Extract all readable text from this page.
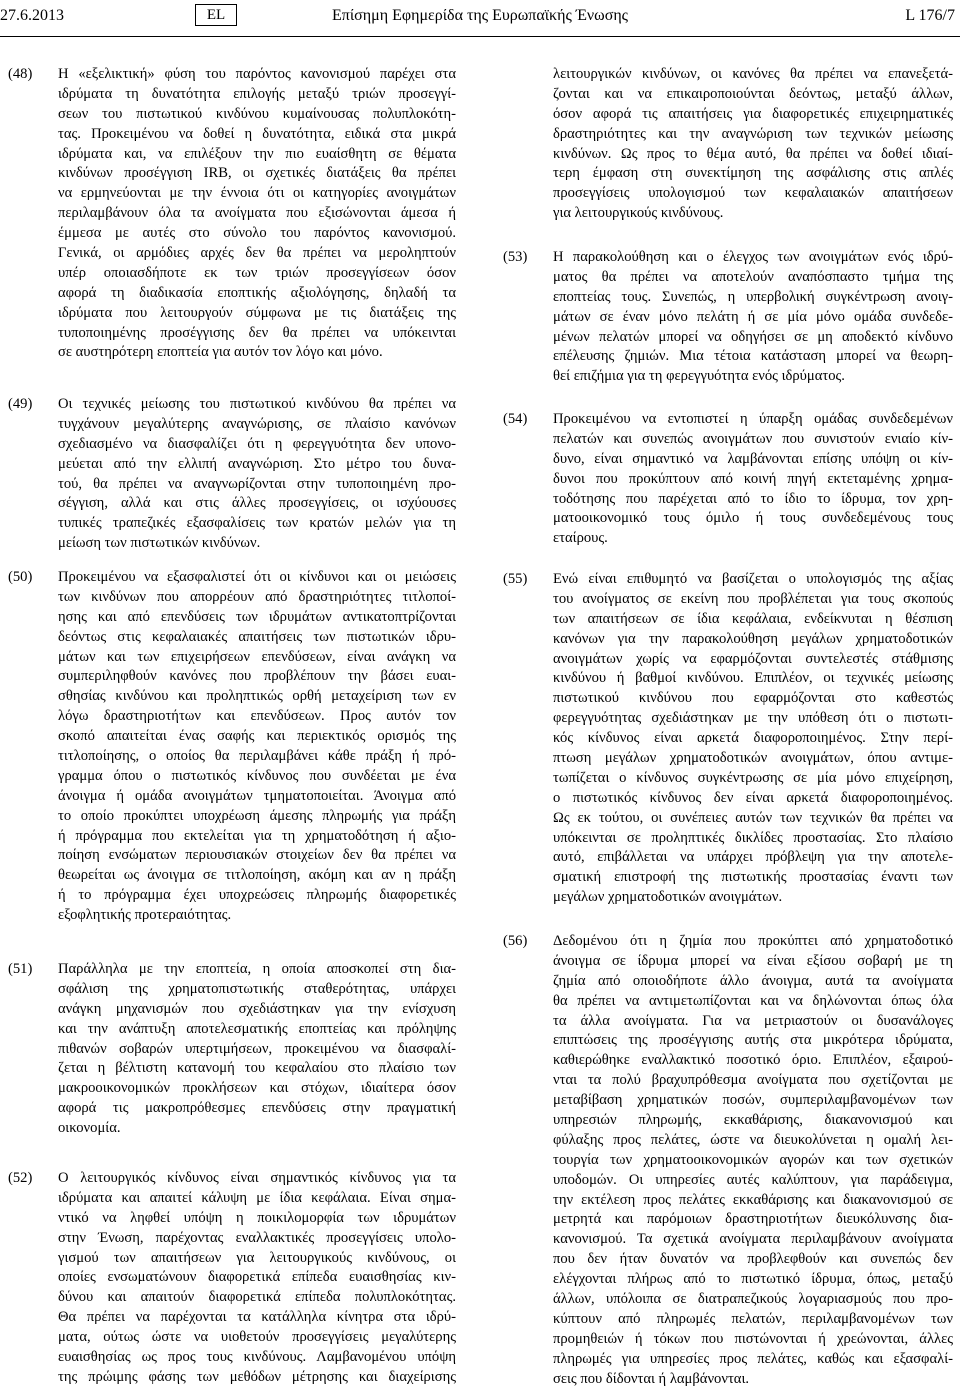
27.6.2013	EL	Επίσημη Εφημερίδα της Ευρωπαϊκής Ένωσης	L 176/7
(48) Η «εξελικτική» φύση του παρόντος κανονισμού παρέχει στα
ιδρύματα τη δυνατότητα επιλογής μεταξύ τριών προσεγγί-
σεων του πιστωτικού κινδύνου κυμαίνουσας πολυπλοκότη-
τας. Προκειμένου να δοθεί η δυνατότητα, ειδικά στα μικρά
ιδρύματα και, να επιλέξουν την πιο ευαίσθητη σε θέματα
κινδύνων προσέγγιση IRB, οι σχετικές διατάξεις θα πρέπει
να ερμηνεύονται με την έννοια ότι οι κατηγορίες ανοιγμάτων
περιλαμβάνουν όλα τα ανοίγματα που εξισώνονται άμεσα ή
έμμεσα με αυτές στο σύνολο του παρόντος κανονισμού.
Γενικά, οι αρμόδιες αρχές δεν θα πρέπει να μεροληπτούν
υπέρ οποιασδήποτε εκ των τριών προσεγγίσεων όσον
αφορά τη διαδικασία εποπτικής αξιολόγησης, δηλαδή τα
ιδρύματα που λειτουργούν σύμφωνα με τις διατάξεις της
τυποποιημένης προσέγγισης δεν θα πρέπει να υπόκεινται
σε αυστηρότερη εποπτεία για αυτόν τον λόγο και μόνο.
(49) Οι τεχνικές μείωσης του πιστωτικού κινδύνου θα πρέπει να
τυγχάνουν μεγαλύτερης αναγνώρισης, σε πλαίσιο κανόνων
σχεδιασμένο να διασφαλίζει ότι η φερεγγυότητα δεν υπονο-
μεύεται από την ελλιπή αναγνώριση. Στο μέτρο του δυνα-
τού, θα πρέπει να αναγνωρίζονται στην τυποποιημένη προ-
σέγγιση, αλλά και στις άλλες προσεγγίσεις, οι ισχύουσες
τυπικές τραπεζικές εξασφαλίσεις των κρατών μελών για τη
μείωση των πιστωτικών κινδύνων.
(50) Προκειμένου να εξασφαλιστεί ότι οι κίνδυνοι και οι μειώσεις
των κινδύνων που απορρέουν από δραστηριότητες τιτλοποί-
ησης και από επενδύσεις των ιδρυμάτων αντικατοπτρίζονται
δεόντως στις κεφαλαιακές απαιτήσεις των πιστωτικών ιδρυ-
μάτων και των επιχειρήσεων επενδύσεων, είναι ανάγκη να
συμπεριληφθούν κανόνες που προβλέπουν την βάσει ευαι-
σθησίας κινδύνου και προληπτικώς ορθή μεταχείριση των εν
λόγω δραστηριοτήτων και επενδύσεων. Προς αυτόν τον
σκοπό απαιτείται ένας σαφής και περιεκτικός ορισμός της
τιτλοποίησης, ο οποίος θα περιλαμβάνει κάθε πράξη ή πρό-
γραμμα όπου ο πιστωτικός κίνδυνος που συνδέεται με ένα
άνοιγμα ή ομάδα ανοιγμάτων τμηματοποιείται. Άνοιγμα από
το οποίο προκύπτει υποχρέωση άμεσης πληρωμής για πράξη
ή πρόγραμμα που εκτελείται για τη χρηματοδότηση ή αξιο-
ποίηση ενσώματων περιουσιακών στοιχείων δεν θα πρέπει να
θεωρείται ως άνοιγμα σε τιτλοποίηση, ακόμη και αν η πράξη
ή το πρόγραμμα έχει υποχρεώσεις πληρωμής διαφορετικές
εξοφλητικής προτεραιότητας.
(51) Παράλληλα με την εποπτεία, η οποία αποσκοπεί στη δια-
σφάλιση της χρηματοπιστωτικής σταθερότητας, υπάρχει
ανάγκη μηχανισμών που σχεδιάστηκαν για την ενίσχυση
και την ανάπτυξη αποτελεσματικής εποπτείας και πρόληψης
πιθανών σοβαρών υπερτιμήσεων, προκειμένου να διασφαλί-
ζεται η βέλτιστη κατανομή του κεφαλαίου στο πλαίσιο των
μακροοικονομικών προκλήσεων και στόχων, ιδιαίτερα όσον
αφορά τις μακροπρόθεσμες επενδύσεις στην πραγματική
οικονομία.
(52) Ο λειτουργικός κίνδυνος είναι σημαντικός κίνδυνος για τα
ιδρύματα και απαιτεί κάλυψη με ίδια κεφάλαια. Είναι σημα-
ντικό να ληφθεί υπόψη η ποικιλομορφία των ιδρυμάτων
στην Ένωση, παρέχοντας εναλλακτικές προσεγγίσεις υπολο-
γισμού των απαιτήσεων για λειτουργικούς κινδύνους, οι
οποίες ενσωματώνουν διαφορετικά επίπεδα ευαισθησίας κιν-
δύνου και απαιτούν διαφορετικά επίπεδα πολυπλοκότητας.
Θα πρέπει να παρέχονται τα κατάλληλα κίνητρα στα ιδρύ-
ματα, ούτως ώστε να υιοθετούν προσεγγίσεις μεγαλύτερης
ευαισθησίας ως προς τους κινδύνους. Λαμβανομένου υπόψη
της πρώιμης φάσης των μεθόδων μέτρησης και διαχείρισης
λειτουργικών κινδύνων, οι κανόνες θα πρέπει να επανεξετά-
ζονται και να επικαιροποιούνται δεόντως, μεταξύ άλλων,
όσον αφορά τις απαιτήσεις για διαφορετικές επιχειρηματικές
δραστηριότητες και την αναγνώριση των τεχνικών μείωσης
κινδύνων. Ως προς το θέμα αυτό, θα πρέπει να δοθεί ιδιαί-
τερη έμφαση στη συνεκτίμηση της ασφάλισης στις απλές
προσεγγίσεις υπολογισμού των κεφαλαιακών απαιτήσεων
για λειτουργικούς κινδύνους.
(53) Η παρακολούθηση και ο έλεγχος των ανοιγμάτων ενός ιδρύ-
ματος θα πρέπει να αποτελούν αναπόσπαστο τμήμα της
εποπτείας τους. Συνεπώς, η υπερβολική συγκέντρωση ανοιγ-
μάτων σε έναν μόνο πελάτη ή σε μία μόνο ομάδα συνδεδε-
μένων πελατών μπορεί να οδηγήσει σε μη αποδεκτό κίνδυνο
επέλευσης ζημιών. Μια τέτοια κατάσταση μπορεί να θεωρη-
θεί επιζήμια για τη φερεγγυότητα ενός ιδρύματος.
(54) Προκειμένου να εντοπιστεί η ύπαρξη ομάδας συνδεδεμένων
πελατών και συνεπώς ανοιγμάτων που συνιστούν ενιαίο κίν-
δυνο, είναι σημαντικό να λαμβάνονται επίσης υπόψη οι κίν-
δυνοι που προκύπτουν από κοινή πηγή εκτεταμένης χρημα-
τοδότησης που παρέχεται από το ίδιο το ίδρυμα, τον χρη-
ματοοικονομικό τους όμιλο ή τους συνδεδεμένους τους
εταίρους.
(55) Ενώ είναι επιθυμητό να βασίζεται ο υπολογισμός της αξίας
του ανοίγματος σε εκείνη που προβλέπεται για τους σκοπούς
των απαιτήσεων σε ίδια κεφάλαια, ενδείκνυται η θέσπιση
κανόνων για την παρακολούθηση μεγάλων χρηματοδοτικών
ανοιγμάτων χωρίς να εφαρμόζονται συντελεστές στάθμισης
κινδύνου ή βαθμοί κινδύνου. Επιπλέον, οι τεχνικές μείωσης
πιστωτικού κινδύνου που εφαρμόζονται στο καθεστώς
φερεγγυότητας σχεδιάστηκαν με την υπόθεση ότι ο πιστωτι-
κός κίνδυνος είναι αρκετά διαφοροποιημένος. Στην περί-
πτωση μεγάλων χρηματοδοτικών ανοιγμάτων, όπου αντιμε-
τωπίζεται ο κίνδυνος συγκέντρωσης σε μία μόνο επιχείρηση,
ο πιστωτικός κίνδυνος δεν είναι αρκετά διαφοροποιημένος.
Ως εκ τούτου, οι συνέπειες αυτών των τεχνικών θα πρέπει να
υπόκεινται σε προληπτικές δικλίδες προστασίας. Στο πλαίσιο
αυτό, επιβάλλεται να υπάρχει πρόβλεψη για την αποτελε-
σματική επιστροφή της πιστωτικής προστασίας έναντι των
μεγάλων χρηματοδοτικών ανοιγμάτων.
(56) Δεδομένου ότι η ζημία που προκύπτει από χρηματοδοτικό
άνοιγμα σε ίδρυμα μπορεί να είναι εξίσου σοβαρή με τη
ζημία από οποιοδήποτε άλλο άνοιγμα, αυτά τα ανοίγματα
θα πρέπει να αντιμετωπίζονται και να δηλώνονται όπως όλα
τα άλλα ανοίγματα. Για να μετριαστούν οι δυσανάλογες
επιπτώσεις της προσέγγισης αυτής στα μικρότερα ιδρύματα,
καθιερώθηκε εναλλακτικό ποσοτικό όριο. Επιπλέον, εξαιρού-
νται τα πολύ βραχυπρόθεσμα ανοίγματα που σχετίζονται με
μεταβίβαση χρηματικών ποσών, συμπεριλαμβανομένων των
υπηρεσιών πληρωμής, εκκαθάρισης, διακανονισμού και
φύλαξης προς πελάτες, ώστε να διευκολύνεται η ομαλή λει-
τουργία των χρηματοοικονομικών αγορών και των σχετικών
υποδομών. Οι υπηρεσίες αυτές καλύπτουν, για παράδειγμα,
την εκτέλεση προς πελάτες εκκαθάρισης και διακανονισμού σε
μετρητά και παρόμοιων δραστηριοτήτων διευκόλυνσης δια-
κανονισμού. Τα σχετικά ανοίγματα περιλαμβάνουν ανοίγματα
που δεν ήταν δυνατόν να προβλεφθούν και συνεπώς δεν
ελέγχονται πλήρως από το πιστωτικό ίδρυμα, όπως, μεταξύ
άλλων, υπόλοιπα σε διατραπεζικούς λογαριασμούς που προ-
κύπτουν από πληρωμές πελατών, περιλαμβανομένων των
προμηθειών ή τόκων που πιστώνονται ή χρεώνονται, άλλες
πληρωμές για υπηρεσίες προς πελάτες, καθώς και εξασφαλί-
σεις που δίδονται ή λαμβάνονται.
